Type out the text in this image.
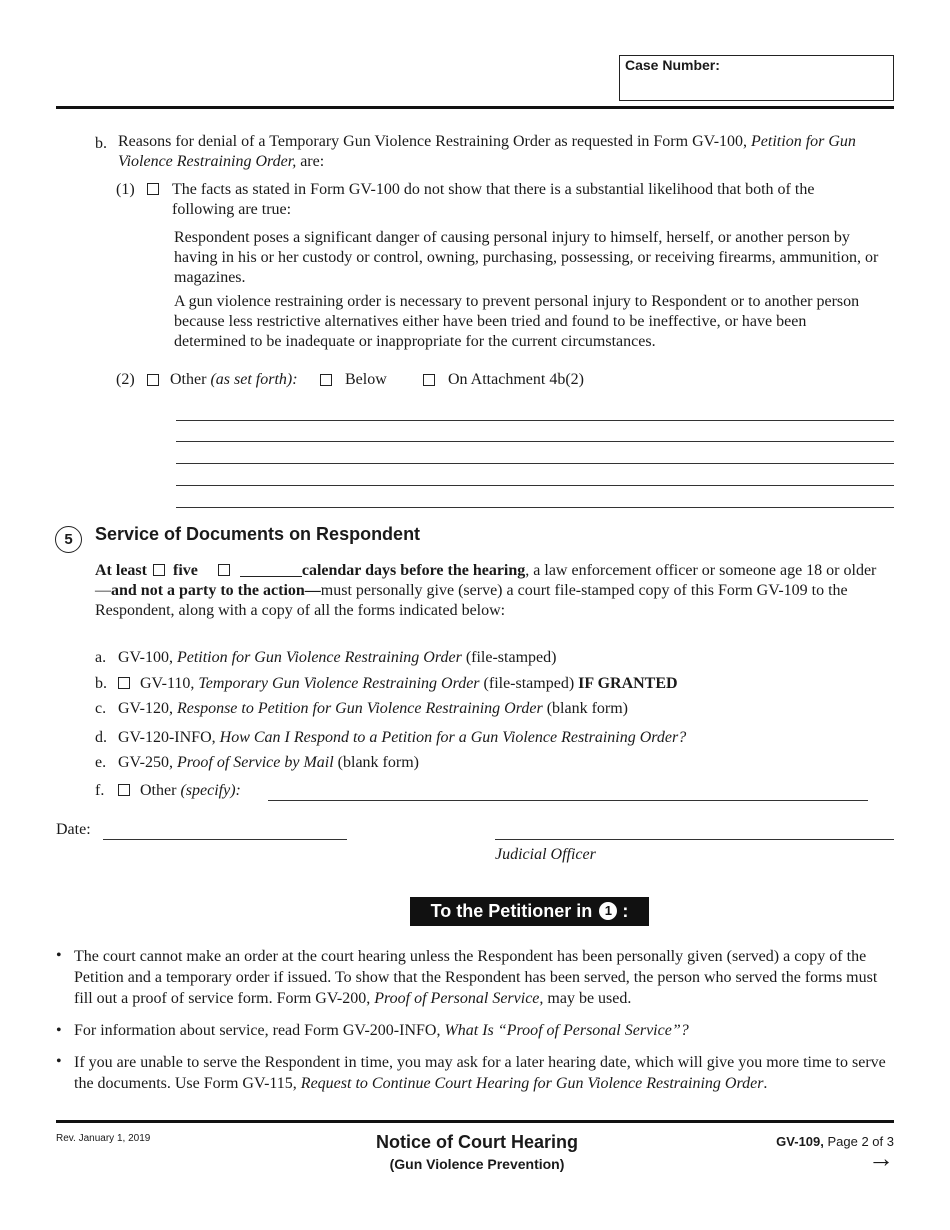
Case Number:
b. Reasons for denial of a Temporary Gun Violence Restraining Order as requested in Form GV-100, Petition for Gun Violence Restraining Order, are:
(1) The facts as stated in Form GV-100 do not show that there is a substantial likelihood that both of the following are true:
Respondent poses a significant danger of causing personal injury to himself, herself, or another person by having in his or her custody or control, owning, purchasing, possessing, or receiving firearms, ammunition, or magazines.
A gun violence restraining order is necessary to prevent personal injury to Respondent or to another person because less restrictive alternatives either have been tried and found to be ineffective, or have been determined to be inadequate or inappropriate for the current circumstances.
(2) Other (as set forth):	Below	On Attachment 4b(2)
5	Service of Documents on Respondent
At least five	calendar days before the hearing, a law enforcement officer or someone age 18 or older—and not a party to the action—must personally give (serve) a court file-stamped copy of this Form GV-109 to the Respondent, along with a copy of all the forms indicated below:
a. GV-100, Petition for Gun Violence Restraining Order (file-stamped)
b. GV-110, Temporary Gun Violence Restraining Order (file-stamped) IF GRANTED
c. GV-120, Response to Petition for Gun Violence Restraining Order (blank form)
d. GV-120-INFO, How Can I Respond to a Petition for a Gun Violence Restraining Order?
e. GV-250, Proof of Service by Mail (blank form)
f. Other (specify):
Date:
Judicial Officer
To the Petitioner in 1 :
• The court cannot make an order at the court hearing unless the Respondent has been personally given (served) a copy of the Petition and a temporary order if issued. To show that the Respondent has been served, the person who served the forms must fill out a proof of service form. Form GV-200, Proof of Personal Service, may be used.
• For information about service, read Form GV-200-INFO, What Is “Proof of Personal Service”?
• If you are unable to serve the Respondent in time, you may ask for a later hearing date, which will give you more time to serve the documents. Use Form GV-115, Request to Continue Court Hearing for Gun Violence Restraining Order.
Rev. January 1, 2019	Notice of Court Hearing
(Gun Violence Prevention)
GV-109, Page 2 of 3
→
